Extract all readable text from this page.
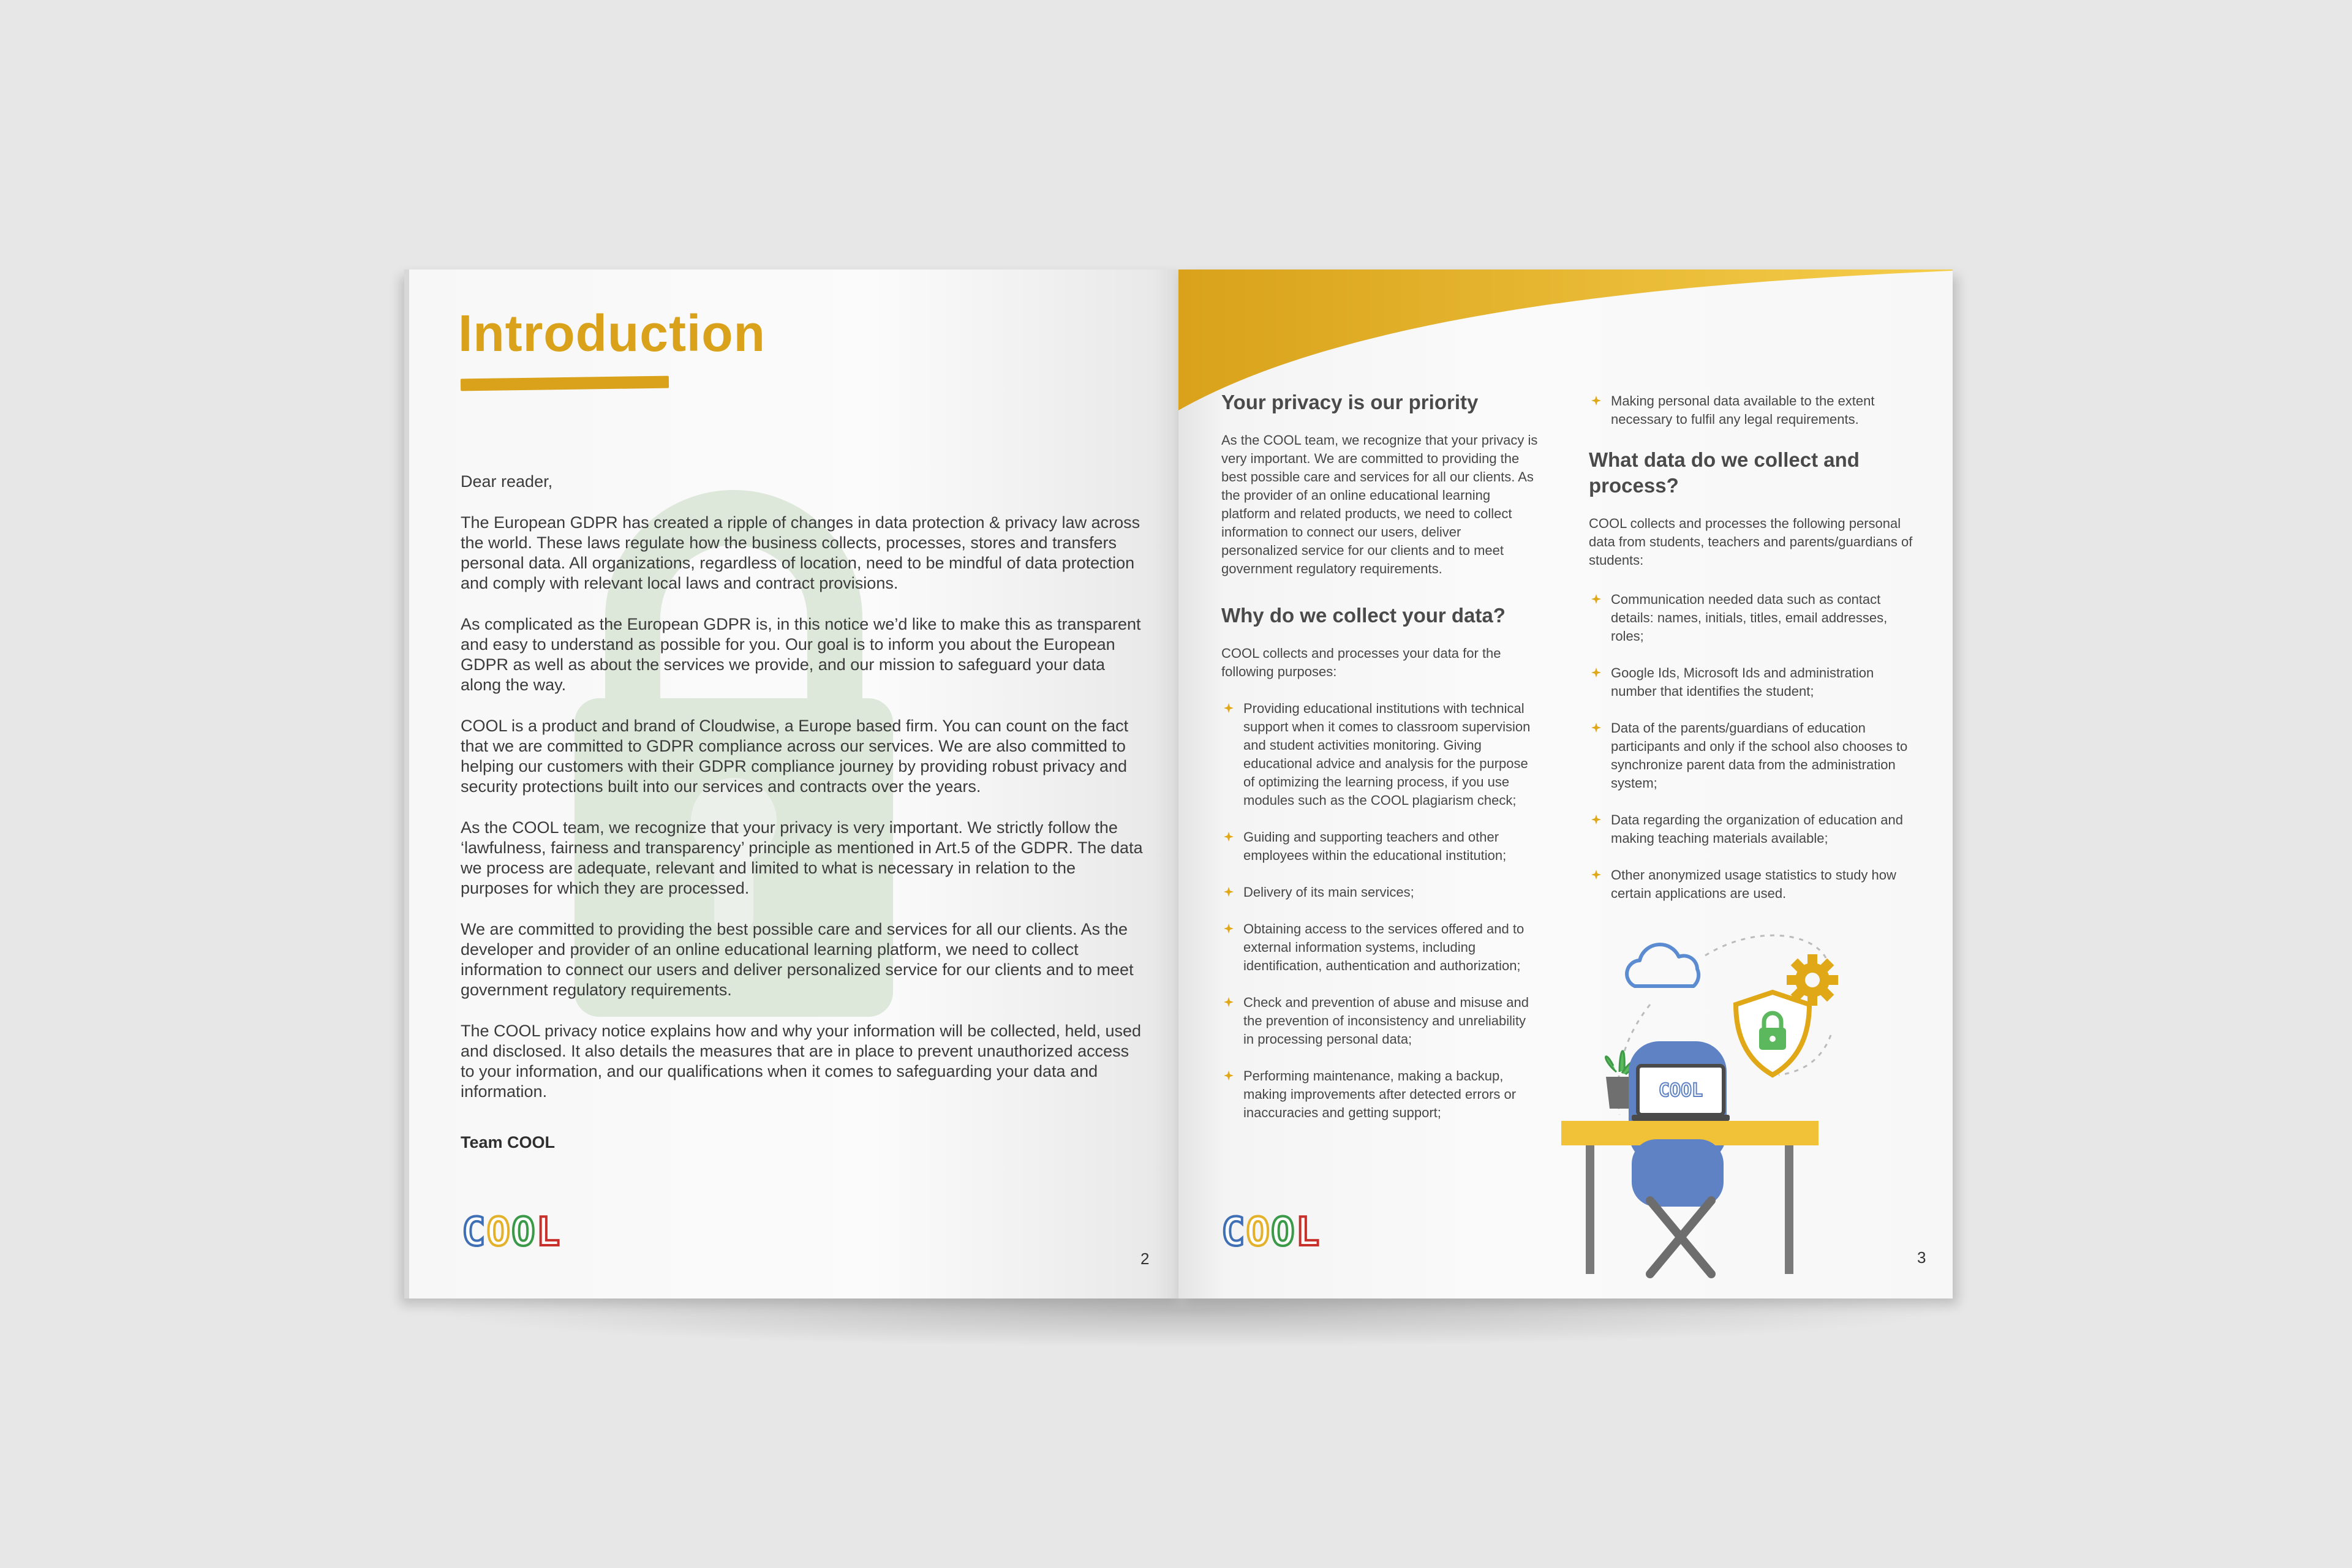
Introduction

Dear reader,

The European GDPR has created a ripple of changes in data protection & privacy law across the world. These laws regulate how the business collects, processes, stores and transfers personal data. All organizations, regardless of location, need to be mindful of data protection and comply with relevant local laws and contract provisions.

As complicated as the European GDPR is, in this notice we’d like to make this as transparent and easy to understand as possible for you. Our goal is to inform you about the European GDPR as well as about the services we provide, and our mission to safeguard your data along the way.

COOL is a product and brand of Cloudwise, a Europe based firm. You can count on the fact that we are committed to GDPR compliance across our services. We are also committed to helping our customers with their GDPR compliance journey by providing robust privacy and security protections built into our services and contracts over the years.

As the COOL team, we recognize that your privacy is very important. We strictly follow the ‘lawfulness, fairness and transparency’ principle as mentioned in Art.5 of the GDPR. The data we process are adequate, relevant and limited to what is necessary in relation to the purposes for which they are processed.

We are committed to providing the best possible care and services for all our clients. As the developer and provider of an online educational learning platform, we need to collect information to connect our users and deliver personalized service for our clients and to meet government regulatory requirements.

The COOL privacy notice explains how and why your information will be collected, held, used and disclosed. It also details the measures that are in place to prevent unauthorized access to your information, and our qualifications when it comes to safeguarding your data and information.

Team COOL

C O O L
2
Your privacy is our priority

As the COOL team, we recognize that your privacy is very important. We are committed to providing the best possible care and services for all our clients. As the provider of an online educational learning platform and related products, we need to collect information to connect our users, deliver personalized service for our clients and to meet government regulatory requirements.

Why do we collect your data?

COOL collects and processes your data for the following purposes:

Providing educational institutions with technical support when it comes to classroom supervision and student activities monitoring. Giving educational advice and analysis for the purpose of optimizing the learning process, if you use modules such as the COOL plagiarism check;
Guiding and supporting teachers and other employees within the educational institution;
Delivery of its main services;
Obtaining access to the services offered and to external information systems, including identification, authentication and authorization;
Check and prevention of abuse and misuse and the prevention of inconsistency and unreliability in processing personal data;
Performing maintenance, making a backup, making improvements after detected errors or inaccuracies and getting support;
Making personal data available to the extent necessary to fulfil any legal requirements.
What data do we collect and process?

COOL collects and processes the following personal data from students, teachers and parents/guardians of students:

Communication needed data such as contact details: names, initials, titles, email addresses, roles;
Google Ids, Microsoft Ids and administration number that identifies the student;
Data of the parents/guardians of education participants and only if the school also chooses to synchronize parent data from the administration system;
Data regarding the organization of education and making teaching materials available;
Other anonymized usage statistics to study how certain applications are used.
COOL
C O O L
3
